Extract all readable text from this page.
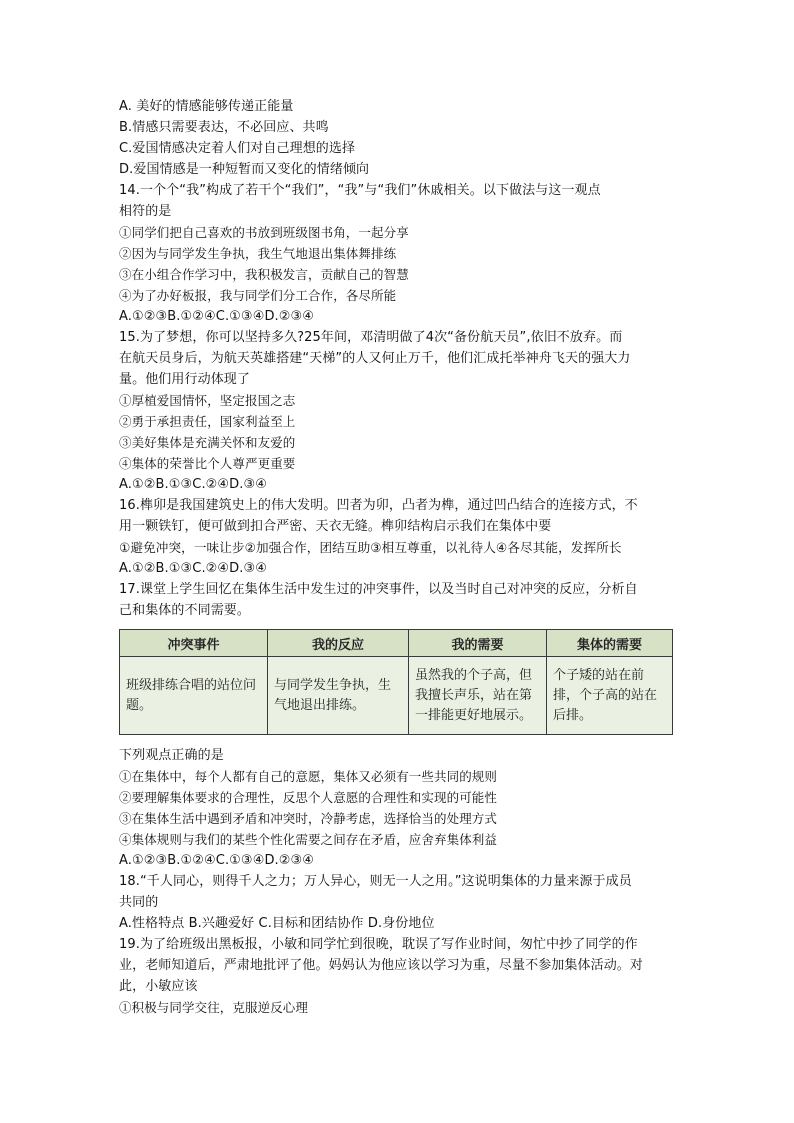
A. 美好的情感能够传递正能量
B.情感只需要表达，不必回应、共鸣
C.爱国情感决定着人们对自己理想的选择
D.爱国情感是一种短暂而又变化的情绪倾向
14.一个个“我”构成了若干个“我们”，“我”与“我们”休戚相关。以下做法与这一观点
相符的是
①同学们把自己喜欢的书放到班级图书角，一起分享
②因为与同学发生争执，我生气地退出集体舞排练
③在小组合作学习中，我积极发言，贡献自己的智慧
④为了办好板报，我与同学们分工合作，各尽所能
A.①②③B.①②④C.①③④D.②③④
15.为了梦想，你可以坚持多久?25年间，邓清明做了4次“备份航天员”,依旧不放弃。而
在航天员身后，为航天英雄搭建“天梯”的人又何止万千，他们汇成托举神舟飞天的强大力
量。他们用行动体现了
①厚植爱国情怀，坚定报国之志
②勇于承担责任，国家利益至上
③美好集体是充满关怀和友爱的
④集体的荣誉比个人尊严更重要
A.①②B.①③C.②④D.③④
16.榫卯是我国建筑史上的伟大发明。凹者为卯，凸者为榫，通过凹凸结合的连接方式，不
用一颗铁钉，便可做到扣合严密、天衣无缝。榫卯结构启示我们在集体中要
①避免冲突，一味让步②加强合作，团结互助③相互尊重，以礼待人④各尽其能，发挥所长
A.①②B.①③C.②④D.③④
17.课堂上学生回忆在集体生活中发生过的冲突事件，以及当时自己对冲突的反应，分析自
己和集体的不同需要。
冲突事件	我的反应	我的需要	集体的需要
班级排练合唱的站位问题。	与同学发生争执，生气地退出排练。	虽然我的个子高，但我擅长声乐，站在第一排能更好地展示。	个子矮的站在前排，个子高的站在后排。
下列观点正确的是
①在集体中，每个人都有自己的意愿，集体又必须有一些共同的规则
②要理解集体要求的合理性，反思个人意愿的合理性和实现的可能性
③在集体生活中遇到矛盾和冲突时，冷静考虑，选择恰当的处理方式
④集体规则与我们的某些个性化需要之间存在矛盾，应舍弃集体利益
A.①②③B.①②④C.①③④D.②③④
18.“千人同心，则得千人之力；万人异心，则无一人之用。”这说明集体的力量来源于成员
共同的
A.性格特点 B.兴趣爱好 C.目标和团结协作 D.身份地位
19.为了给班级出黑板报，小敏和同学忙到很晚，耽误了写作业时间，匆忙中抄了同学的作
业，老师知道后，严肃地批评了他。妈妈认为他应该以学习为重，尽量不参加集体活动。对
此，小敏应该
①积极与同学交往，克服逆反心理
